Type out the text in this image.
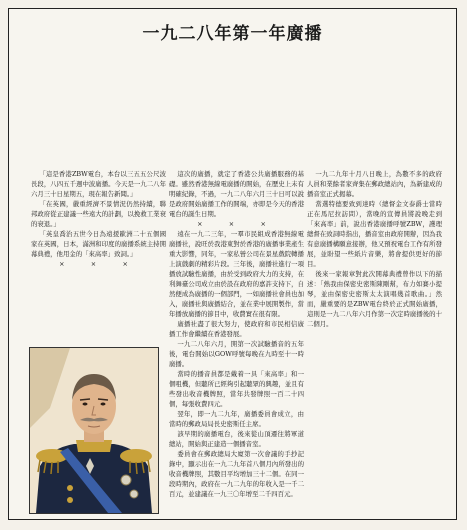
一九二八年第一年廣播

「這是香港ZBW電台，本台以三五五公尺波長段，八四五千週中波廣播。今天是一九二八年六月三十日星期五，現在報告新聞。」

「在英國，嚴重經濟不景情況仍然持續，聯邦政府從正建議一些遠大的計劃，以挽救工業衰的衰退。」

「英皇喬治五世今日為遠援歐洲二十五個國家在英國，日本，滿洲和印度的廣播系統主持開幕典禮，他用金的「來高率」致詞。」

×　×　×

這次的廣播，就定了香港公共廣播服務的基礎。雖然香港無線電廣播的開始，在歷史上未有明確紀錄，不過，一九二八年六月三十日可以說是政府開始廣播工作的開端，亦即是今天的香港電台的誕生日期。

×　×　×

遠在一九二三年，一羣市民組成香港無線電廣播社，說旺於我港東對於香港的廣播事業產生重大影響，同年，一家私營公司在景星戲院轉播上演戲劇的精彩片段。三年後，廣播社進行一項播放試驗性廣播，由於受到政府大力的支持，在利舞臺公司成立由於設在政府的嘉許支持下，自然便成為廣播的一個部門，一如廣播社會員也加入，廣播社與廣播結合，並在業中展開製作，當年播放廣播的節目中，收費實在很有限。

廣播社盡了很大努力，使政府和市民相信廣播工作會繼續在香港發展。

一九二八年六月，開第一次試驗播音的五年後，電台開始以GOW呼號每晚在九時至十一時廣播。

當時的播音員都是戴着一具「來高率」和一個咀機，但聽所已經夠引起聽眾的興趣，並且有些發出收音機牌照，當年共發牌照一百二十四個，每張收費四元。

翌年，即一九二九年，廣播委員會成立，由當時的郵政局局長史密斯任主席。

該早期的廣播電台，後來從山頂遷往將軍道總站，開始與正建造一個播音室。

委員會在郵政總局大廈第一次會議的手抄記錄中，顯示出在一九二九年首八個月內所發出的收音機牌照，其數目平均增加三十二個。在同一段時期內，政府在一九二九年的年收入是一千二百元，並建議在一九三〇年增至二千四百元。

一九二九年十月八日晚上，為數不多的政府人員和業餘者家齊集在郵政總站內，為新建成的播音室正式揭幕。

當選特德要致到達時（總督金文泰爵士當時正在馬尼拉訪問），當晚的宣傳員將說晚走到「來高率」前，說出香港廣播呼號ZBW，護理總督在致詞時指出，播音室由政府開辦，因為我有意廣播構願意接辦，他又預祝電台工作有所發展，並盼望一些紙片音樂，將會提供更好的節目。

後來一家報章對此次開幕典禮曾作以下的描述：「熱我由保密史密斯陳剛幫，布力如賽小提琴，並由保密史密斯太太演唱幾首歌曲。」然而，嚴重要的是ZBW電台終於正式開始廣播，這則是一九二八年六月作第一次定時廣播後的十二個月。
